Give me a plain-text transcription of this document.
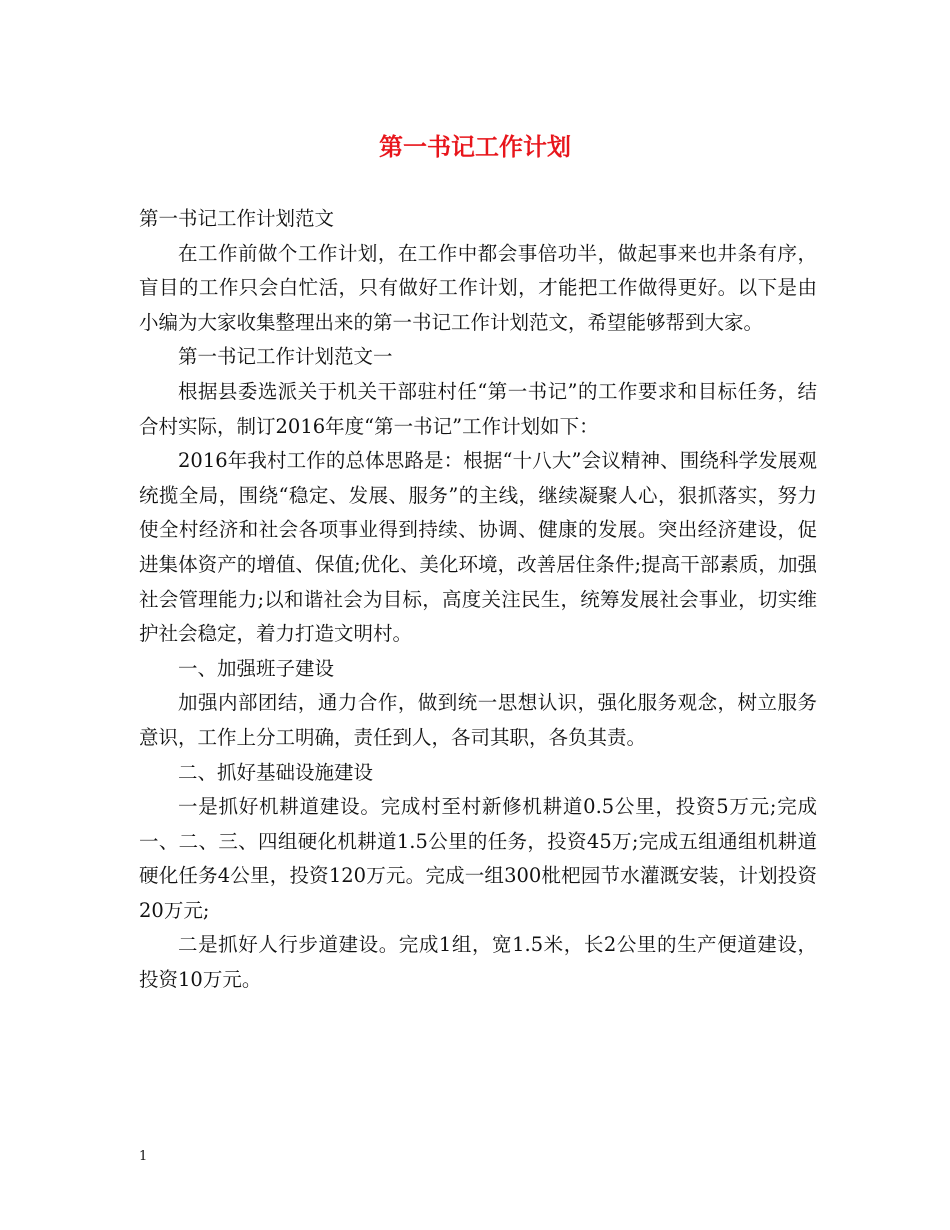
第一书记工作计划

第一书记工作计划范文

在工作前做个工作计划，在工作中都会事倍功半，做起事来也井条有序，盲目的工作只会白忙活，只有做好工作计划，才能把工作做得更好。以下是由小编为大家收集整理出来的第一书记工作计划范文，希望能够帮到大家。

第一书记工作计划范文一

根据县委选派关于机关干部驻村任“第一书记”的工作要求和目标任务，结合村实际，制订2016年度“第一书记”工作计划如下：

2016年我村工作的总体思路是：根据“十八大”会议精神、围绕科学发展观统揽全局，围绕“稳定、发展、服务”的主线，继续凝聚人心，狠抓落实，努力使全村经济和社会各项事业得到持续、协调、健康的发展。突出经济建设，促进集体资产的增值、保值;优化、美化环境，改善居住条件;提高干部素质，加强社会管理能力;以和谐社会为目标，高度关注民生，统筹发展社会事业，切实维护社会稳定，着力打造文明村。

一、加强班子建设

加强内部团结，通力合作，做到统一思想认识，强化服务观念，树立服务意识，工作上分工明确，责任到人，各司其职，各负其责。

二、抓好基础设施建设

一是抓好机耕道建设。完成村至村新修机耕道0.5公里，投资5万元;完成一、二、三、四组硬化机耕道1.5公里的任务，投资45万;完成五组通组机耕道硬化任务4公里，投资120万元。完成一组300枇杷园节水灌溉安装，计划投资20万元;

二是抓好人行步道建设。完成1组，宽1.5米，长2公里的生产便道建设，投资10万元。

1
